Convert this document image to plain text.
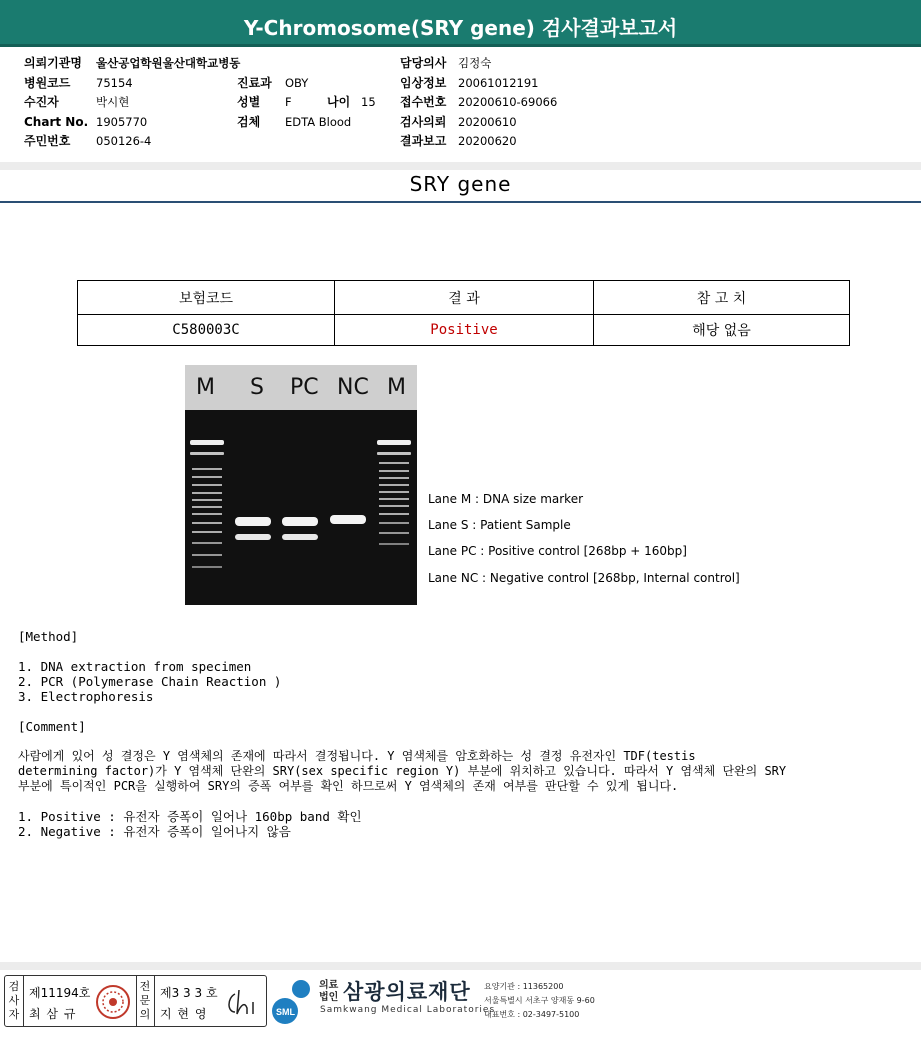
Y-Chromosome(SRY gene) 검사결과보고서
의뢰기관명 울산공업학원울산대학교병동
병원코드 75154
수진자	박시현
Chart No. 1905770
주민번호 050126-4
진료과 OBY
성별 F	나이 15
검체 EDTA Blood
담당의사 김정숙
임상정보 20061012191
접수번호 20200610-69066
검사의뢰 20200610
결과보고 20200620
SRY gene
보험코드	결 과	참 고 치
C580003C	Positive	해당 없음
M S PC NC M
Lane M : DNA size marker
Lane S : Patient Sample
Lane PC : Positive control [268bp + 160bp]
Lane NC : Negative control [268bp, Internal control]
[Method]
1. DNA extraction from specimen
2. PCR (Polymerase Chain Reaction )
3. Electrophoresis
[Comment]
사람에게 있어 성 결정은 Y 염색체의 존재에 따라서 결정됩니다. Y 염색체를 암호화하는 성 결정 유전자인 TDF(testis
determining factor)가 Y 염색체 단완의 SRY(sex specific region Y) 부분에 위치하고 있습니다. 따라서 Y 염색체 단완의 SRY
부분에 특이적인 PCR을 실행하여 SRY의 증폭 여부를 확인 하므로써 Y 염색체의 존재 여부를 판단할 수 있게 됩니다.
1. Positive : 유전자 증폭이 일어나 160bp band 확인
2. Negative : 유전자 증폭이 일어나지 않음
검사자
제11194호
최 삼 규
전문의
제3 3 3 호
지 현 영	SML
의료법인 삼광의료재단
Samkwang Medical Laboratories
요양기관 : 11365200
서울특별시 서초구 양재동 9-60
대표번호 : 02-3497-5100
